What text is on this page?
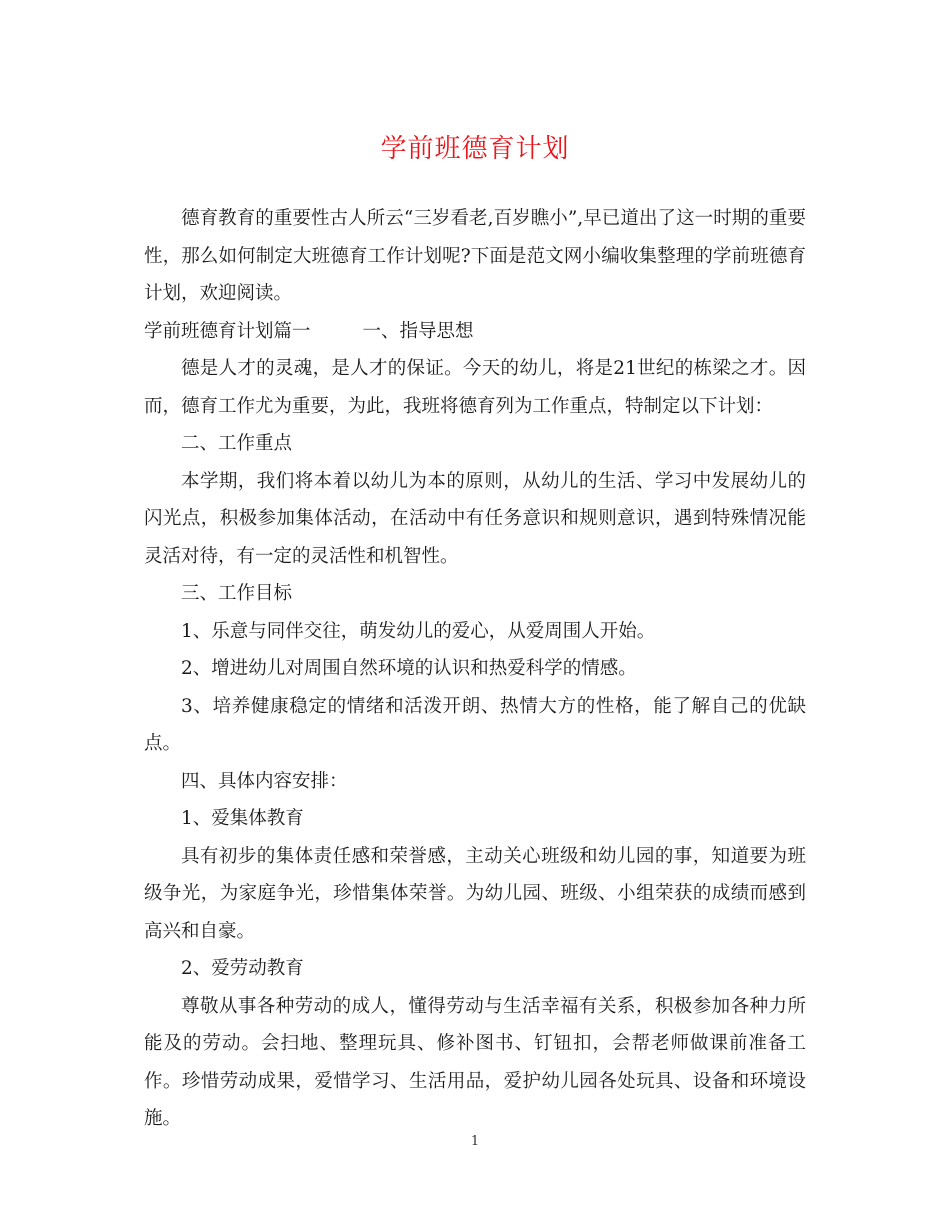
学前班德育计划

德育教育的重要性古人所云“三岁看老,百岁瞧小”,早已道出了这一时期的重要性，那么如何制定大班德育工作计划呢?下面是范文网小编收集整理的学前班德育计划，欢迎阅读。

学前班德育计划篇一	一、指导思想

德是人才的灵魂，是人才的保证。今天的幼儿，将是21世纪的栋梁之才。因而，德育工作尤为重要，为此，我班将德育列为工作重点，特制定以下计划：

二、工作重点

本学期，我们将本着以幼儿为本的原则，从幼儿的生活、学习中发展幼儿的闪光点，积极参加集体活动，在活动中有任务意识和规则意识，遇到特殊情况能灵活对待，有一定的灵活性和机智性。

三、工作目标

1、乐意与同伴交往，萌发幼儿的爱心，从爱周围人开始。

2、增进幼儿对周围自然环境的认识和热爱科学的情感。

3、培养健康稳定的情绪和活泼开朗、热情大方的性格，能了解自己的优缺点。

四、具体内容安排：

1、爱集体教育

具有初步的集体责任感和荣誉感，主动关心班级和幼儿园的事，知道要为班级争光，为家庭争光，珍惜集体荣誉。为幼儿园、班级、小组荣获的成绩而感到高兴和自豪。

2、爱劳动教育

尊敬从事各种劳动的成人，懂得劳动与生活幸福有关系，积极参加各种力所能及的劳动。会扫地、整理玩具、修补图书、钉钮扣，会帮老师做课前准备工作。珍惜劳动成果，爱惜学习、生活用品，爱护幼儿园各处玩具、设备和环境设施。

1
